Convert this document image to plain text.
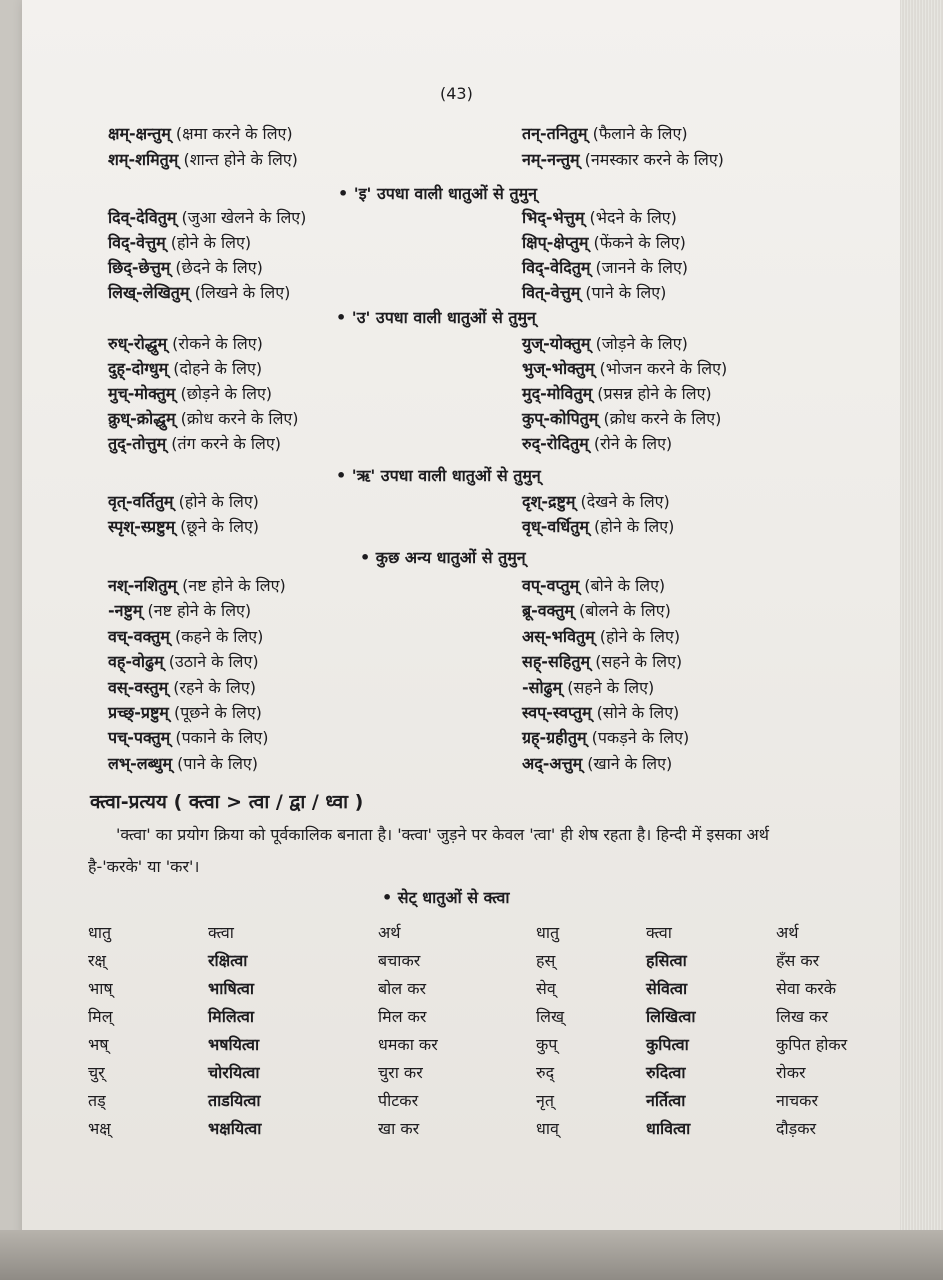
(43)
क्षम्-क्षन्तुम् (क्षमा करने के लिए)	तन्-तनितुम् (फैलाने के लिए)
शम्-शमितुम् (शान्त होने के लिए)	नम्-नन्तुम् (नमस्कार करने के लिए)
दिव्-देवितुम् (जुआ खेलने के लिए)	भिद्-भेत्तुम् (भेदने के लिए)
विद्-वेत्तुम् (होने के लिए)	क्षिप्-क्षेप्तुम् (फेंकने के लिए)
छिद्-छेत्तुम् (छेदने के लिए)	विद्-वेदितुम् (जानने के लिए)
लिख्-लेखितुम् (लिखने के लिए)	वित्-वेत्तुम् (पाने के लिए)
रुध्-रोद्धुम् (रोकने के लिए)	युज्-योक्तुम् (जोड़ने के लिए)
दुह्-दोग्धुम् (दोहने के लिए)	भुज्-भोक्तुम् (भोजन करने के लिए)
मुच्-मोक्तुम् (छोड़ने के लिए)	मुद्-मोवितुम् (प्रसन्न होने के लिए)
क्रुध्-क्रोद्धुम् (क्रोध करने के लिए)	कुप्-कोपितुम् (क्रोध करने के लिए)
तुद्-तोत्तुम् (तंग करने के लिए)	रुद्-रोदितुम् (रोने के लिए)
वृत्-वर्तितुम् (होने के लिए)	दृश्-द्रष्टुम् (देखने के लिए)
स्पृश्-स्प्रष्टुम् (छूने के लिए)	वृध्-वर्धितुम् (होने के लिए)
नश्-नशितुम् (नष्ट होने के लिए)	वप्-वप्तुम् (बोने के लिए)
-नष्टुम् (नष्ट होने के लिए)	ब्रू-वक्तुम् (बोलने के लिए)
वच्-वक्तुम् (कहने के लिए)	अस्-भवितुम् (होने के लिए)
वह्-वोढुम् (उठाने के लिए)	सह्-सहितुम् (सहने के लिए)
वस्-वस्तुम् (रहने के लिए)	-सोढुम् (सहने के लिए)
प्रच्छ्-प्रष्टुम् (पूछने के लिए)	स्वप्-स्वप्तुम् (सोने के लिए)
पच्-पक्तुम् (पकाने के लिए)	ग्रह्-ग्रहीतुम् (पकड़ने के लिए)
लभ्-लब्धुम् (पाने के लिए)	अद्-अत्तुम् (खाने के लिए)
• 'इ' उपधा वाली धातुओं से तुमुन्
• 'उ' उपधा वाली धातुओं से तुमुन्
• 'ऋ' उपधा वाली धातुओं से तुमुन्
• कुछ अन्य धातुओं से तुमुन्
क्त्वा-प्रत्यय ( क्त्वा > त्वा / द्वा / ध्वा )
'क्त्वा' का प्रयोग क्रिया को पूर्वकालिक बनाता है। 'क्त्वा' जुड़ने पर केवल 'त्वा' ही शेष रहता है। हिन्दी में इसका अर्थ
है-'करके' या 'कर'।
• सेट् धातुओं से क्त्वा
धातु	क्त्वा	अर्थ	धातु	क्त्वा	अर्थ
रक्ष्	रक्षित्वा	बचाकर	हस्	हसित्वा	हँस कर
भाष्	भाषित्वा	बोल कर	सेव्	सेवित्वा	सेवा करके
मिल्	मिलित्वा	मिल कर	लिख्	लिखित्वा	लिख कर
भष्	भषयित्वा	धमका कर	कुप्	कुपित्वा	कुपित होकर
चुर्	चोरयित्वा	चुरा कर	रुद्	रुदित्वा	रोकर
तड्	ताडयित्वा	पीटकर	नृत्	नर्तित्वा	नाचकर
भक्ष्	भक्षयित्वा	खा कर	धाव्	धावित्वा	दौड़कर
